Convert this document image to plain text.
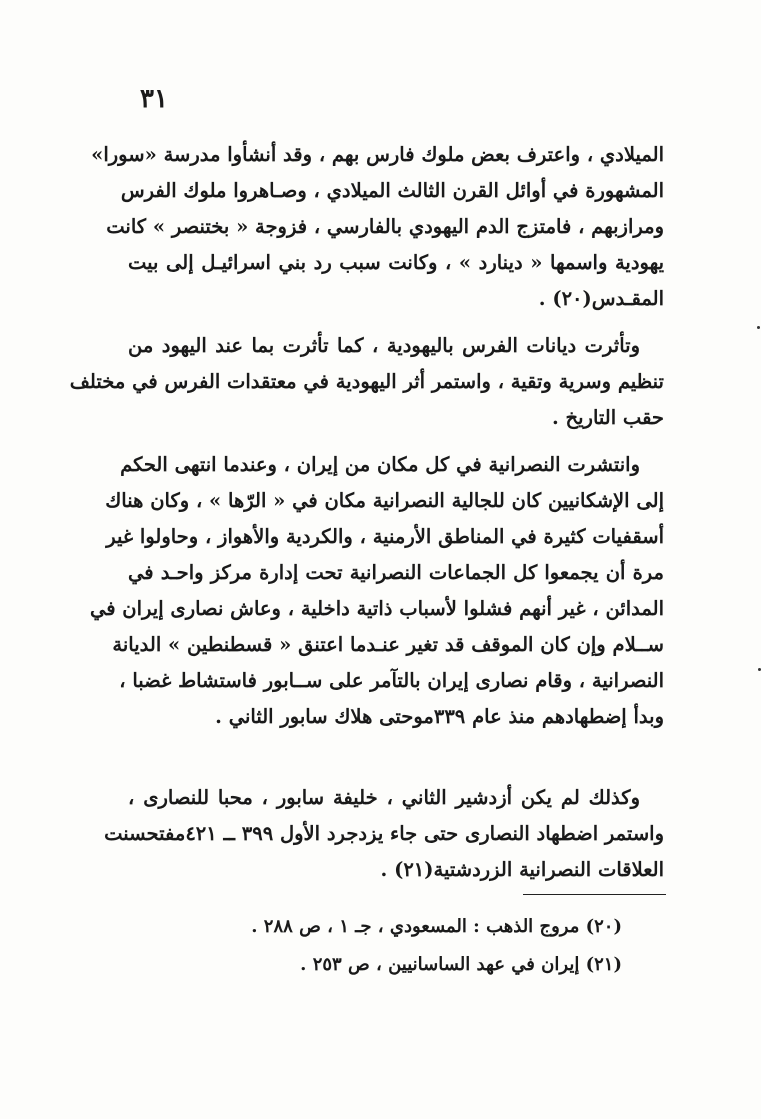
٣١
الميلادي ، واعترف بعض ملوك فارس بهم ، وقد أنشأوا مدرسة «سورا»
المشهورة في أوائل القرن الثالث الميلادي ، وصـاهروا ملوك الفرس
ومرازبهم ، فامتزج الدم اليهودي بالفارسي ، فزوجة « بختنصر » كانت
يهودية واسمها « دينارد » ، وكانت سبب رد بني اسرائيـل إلى بيت
المقـدس(٢٠) .
وتأثرت ديانات الفرس باليهودية ، كما تأثرت بما عند اليهود من
تنظيم وسرية وتقية ، واستمر أثر اليهودية في معتقدات الفرس في مختلف
حقب التاريخ .
وانتشرت النصرانية في كل مكان من إيران ، وعندما انتهى الحكم
إلى الإشكانيين كان للجالية النصرانية مكان في « الرّها » ، وكان هناك
أسقفيات كثيرة في المناطق الأرمنية ، والكردية والأهواز ، وحاولوا غير
مرة أن يجمعوا كل الجماعات النصرانية تحت إدارة مركز واحـد في
المدائن ، غير أنهم فشلوا لأسباب ذاتية داخلية ، وعاش نصارى إيران في
ســلام وإن كان الموقف قد تغير عنـدما اعتنق « قسطنطين » الديانة
النصرانية ، وقام نصارى إيران بالتآمر على ســابور فاستشاط غضبا ،
وبدأ إضطهادهم منذ عام ٣٣٩موحتى هلاك سابور الثاني .
وكذلك لم يكن أزدشير الثاني ، خليفة سابور ، محبا للنصارى ،
واستمر اضطهاد النصارى حتى جاء يزدجرد الأول ٣٩٩ ــ ٤٢١مفتحسنت
العلاقات النصرانية الزردشتية(٢١) .
(٢٠) مروج الذهب : المسعودي ، جـ ١ ، ص ٢٨٨ .
(٢١) إيران في عهد الساسانيين ، ص ٢٥٣ .
